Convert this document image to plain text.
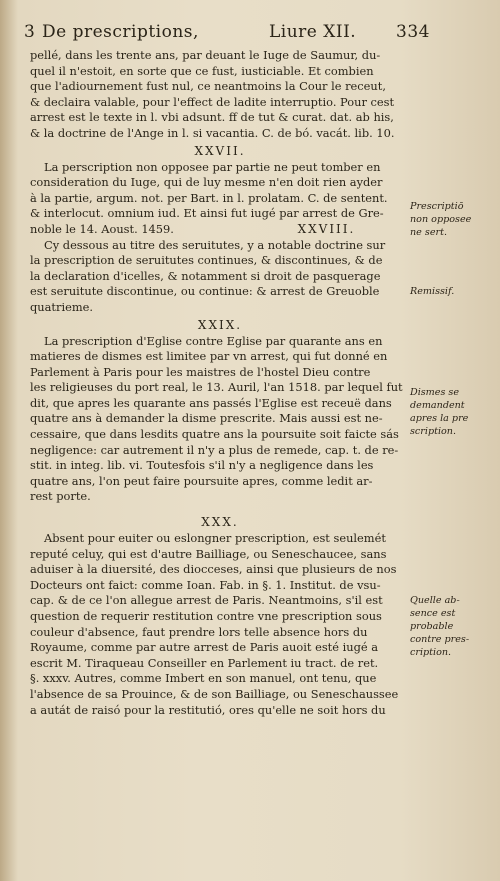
3 De prescriptions,	Liure XII. 334
pellé, dans les trente ans, par deuant le Iuge de Saumur, du-
quel il n'estoit, en sorte que ce fust, iusticiable. Et combien
que l'adiournement fust nul, ce neantmoins la Cour le receut,
& declaira valable, pour l'effect de ladite interruptio. Pour cest
arrest est le texte in l. vbi adsunt. ff de tut & curat. dat. ab his,
& la doctrine de l'Ange in l. si vacantia. C. de bó. vacát. lib. 10.
XXVII.
La perscription non opposee par partie ne peut tomber en
consideration du Iuge, qui de luy mesme n'en doit rien ayder
à la partie, argum. not. per Bart. in l. prolatam. C. de sentent.
& interlocut. omnium iud. Et ainsi fut iugé par arrest de Gre-
noble le 14. Aoust. 1459.	XXVIII.
Cy dessous au titre des seruitutes, y a notable doctrine sur
la prescription de seruitutes continues, & discontinues, & de
la declaration d'icelles, & notamment si droit de pasquerage
est seruitute discontinue, ou continue: & arrest de Greuoble
quatrieme.
XXIX.
La prescription d'Eglise contre Eglise par quarante ans en
matieres de dismes est limitee par vn arrest, qui fut donné en
Parlement à Paris pour les maistres de l'hostel Dieu contre
les religieuses du port real, le 13. Auril, l'an 1518. par lequel fut
dit, que apres les quarante ans passés l'Eglise est receuë dans
quatre ans à demander la disme prescrite. Mais aussi est ne-
cessaire, que dans lesdits quatre ans la poursuite soit faicte sás
negligence: car autrement il n'y a plus de remede, cap. t. de re-
stit. in integ. lib. vi. Toutesfois s'il n'y a negligence dans les
quatre ans, l'on peut faire poursuite apres, comme ledit ar-
rest porte.
XXX.
Absent pour euiter ou eslongner prescription, est seulemét
reputé celuy, qui est d'autre Bailliage, ou Seneschaucee, sans
aduiser à la diuersité, des diocceses, ainsi que plusieurs de nos
Docteurs ont faict: comme Ioan. Fab. in §. 1. Institut. de vsu-
cap. & de ce l'on allegue arrest de Paris. Neantmoins, s'il est
question de requerir restitution contre vne prescription sous
couleur d'absence, faut prendre lors telle absence hors du
Royaume, comme par autre arrest de Paris auoit esté iugé a
escrit M. Tiraqueau Conseiller en Parlement iu tract. de ret.
§. xxxv. Autres, comme Imbert en son manuel, ont tenu, que
l'absence de sa Prouince, & de son Bailliage, ou Seneschaussee
a autát de raisó pour la restitutió, ores qu'elle ne soit hors du
Prescriptiō
non opposee
ne sert.
Remissif.
Dismes se
demandent
apres la pre
scription.
Quelle ab-
sence est
probable
contre pres-
cription.
